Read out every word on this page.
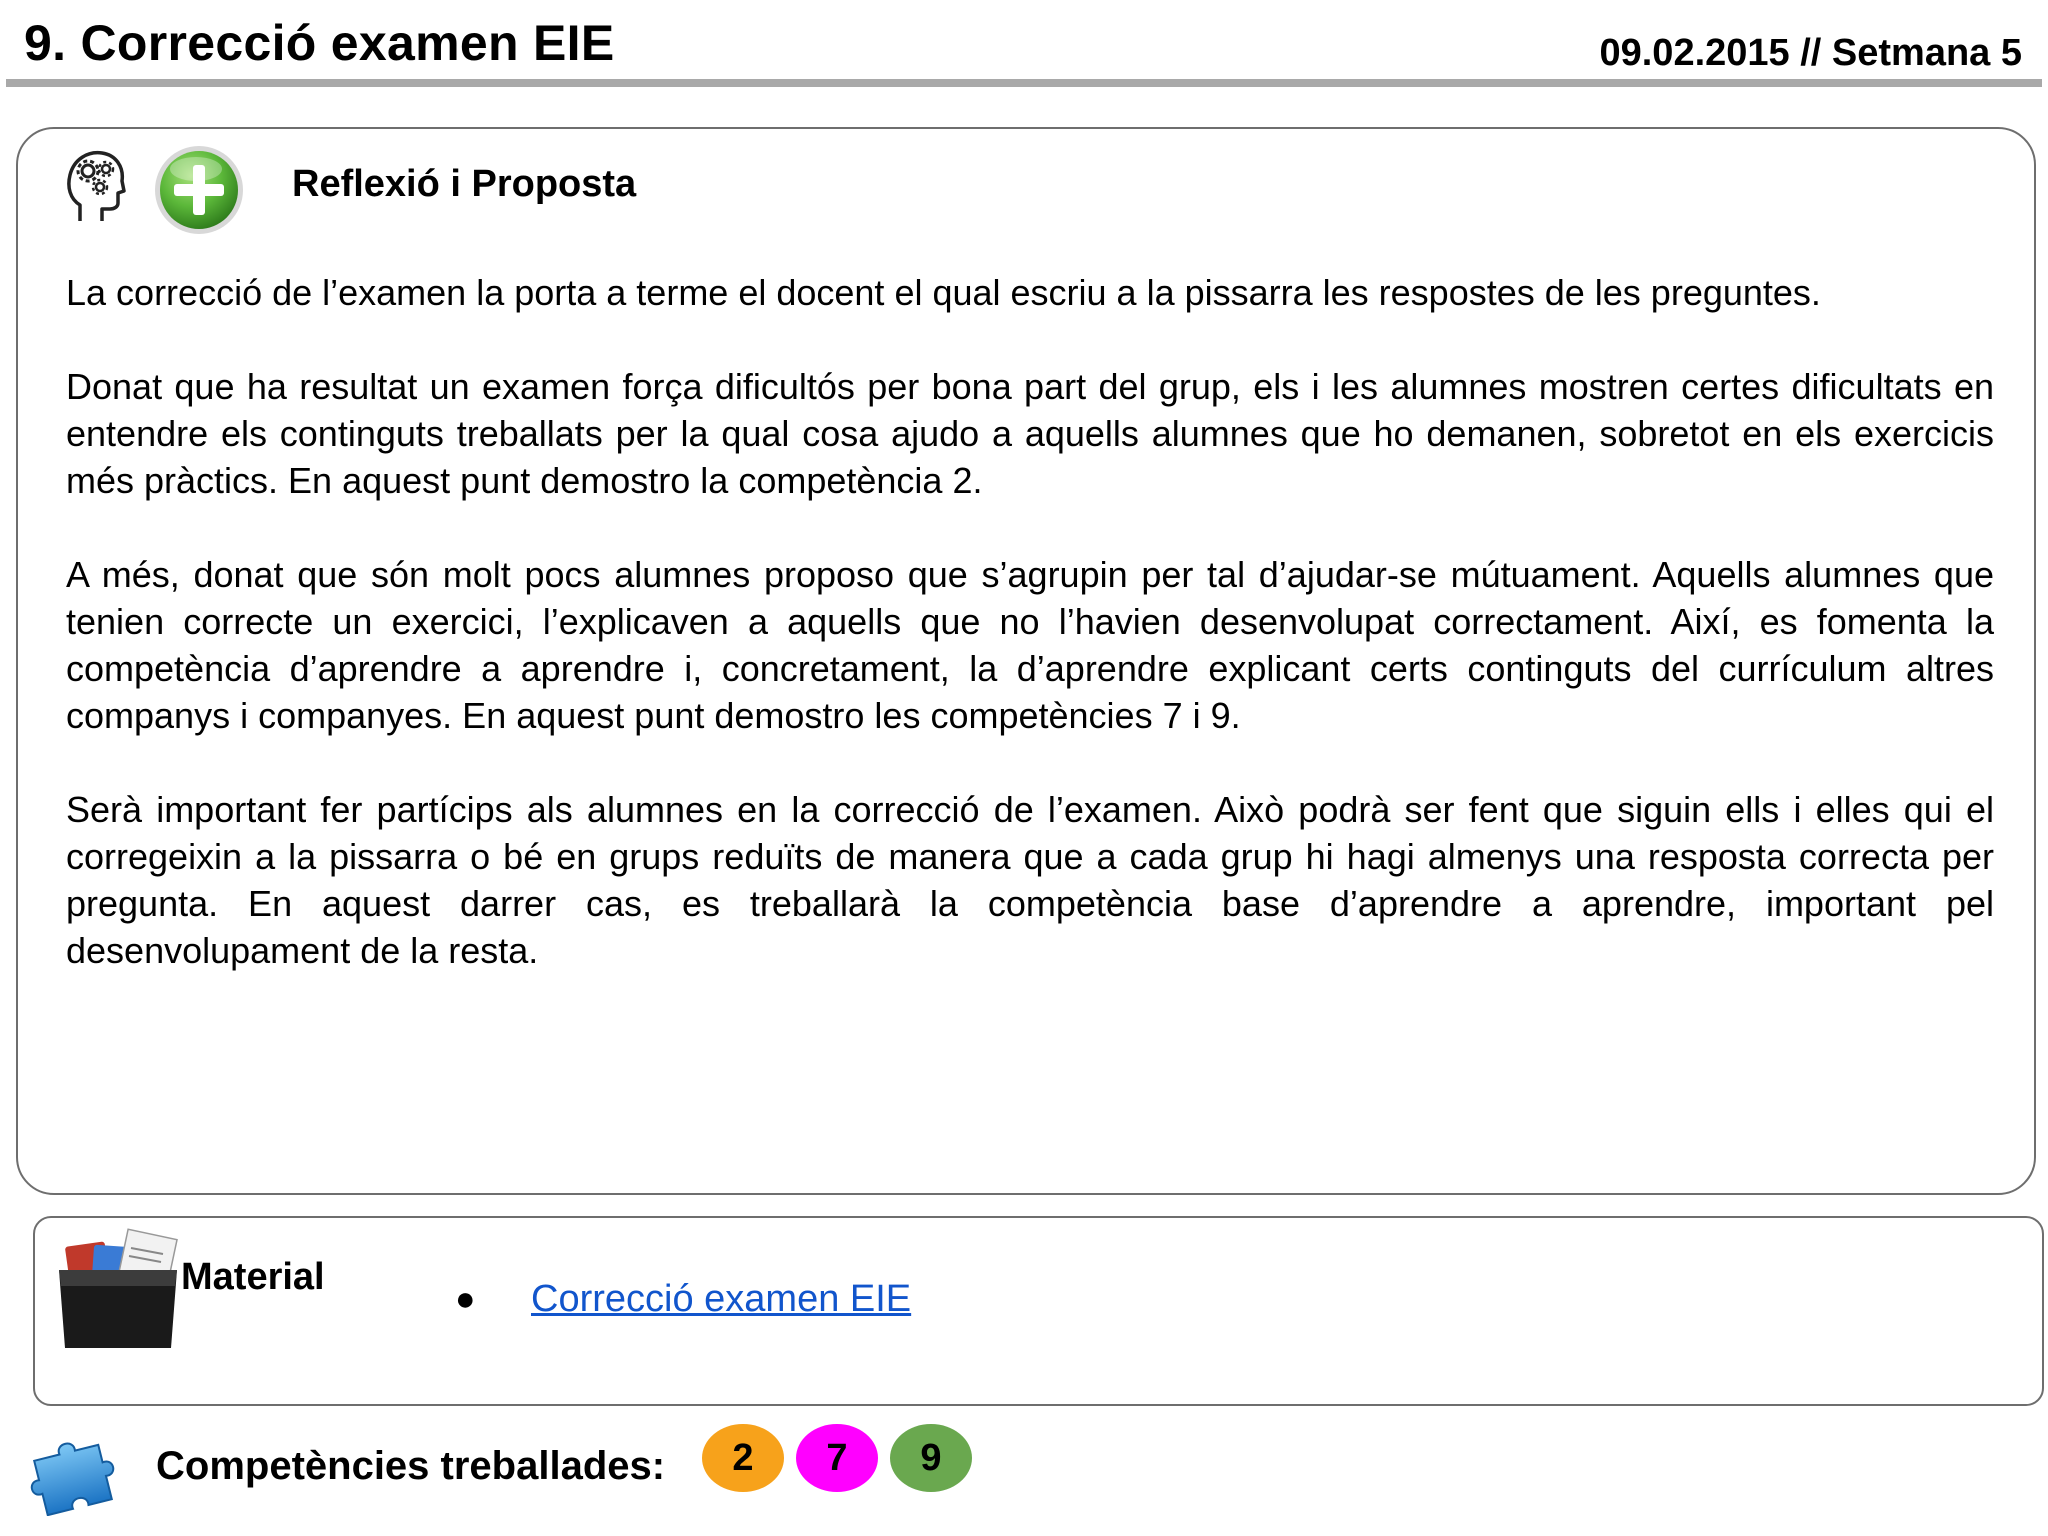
9. Correcció examen EIE	09.02.2015 // Setmana 5
Reflexió i Proposta

La correcció de l’examen la porta a terme el docent el qual escriu a la pissarra les respostes de les preguntes.

Donat que ha resultat un examen força dificultós per bona part del grup, els i les alumnes mostren certes dificultats en entendre els continguts treballats per la qual cosa ajudo a aquells alumnes que ho demanen, sobretot en els exercicis més pràctics. En aquest punt demostro la competència 2.

A més, donat que són molt pocs alumnes proposo que s’agrupin per tal d’ajudar-se mútuament. Aquells alumnes que tenien correcte un exercici, l’explicaven a aquells que no l’havien desenvolupat correctament. Així, es fomenta la competència d’aprendre a aprendre i, concretament, la d’aprendre explicant certs continguts del currículum altres companys i companyes. En aquest punt demostro les competències 7 i 9.

Serà important fer partícips als alumnes en la correcció de l’examen. Això podrà ser fent que siguin ells i elles qui el corregeixin a la pissarra o bé en grups reduïts de manera que a cada grup hi hagi almenys una resposta correcta per pregunta. En aquest darrer cas, es treballarà la competència base d’aprendre a aprendre, important pel desenvolupament de la resta.

Material
● Correcció examen EIE
Competències treballades:	2	7	9
